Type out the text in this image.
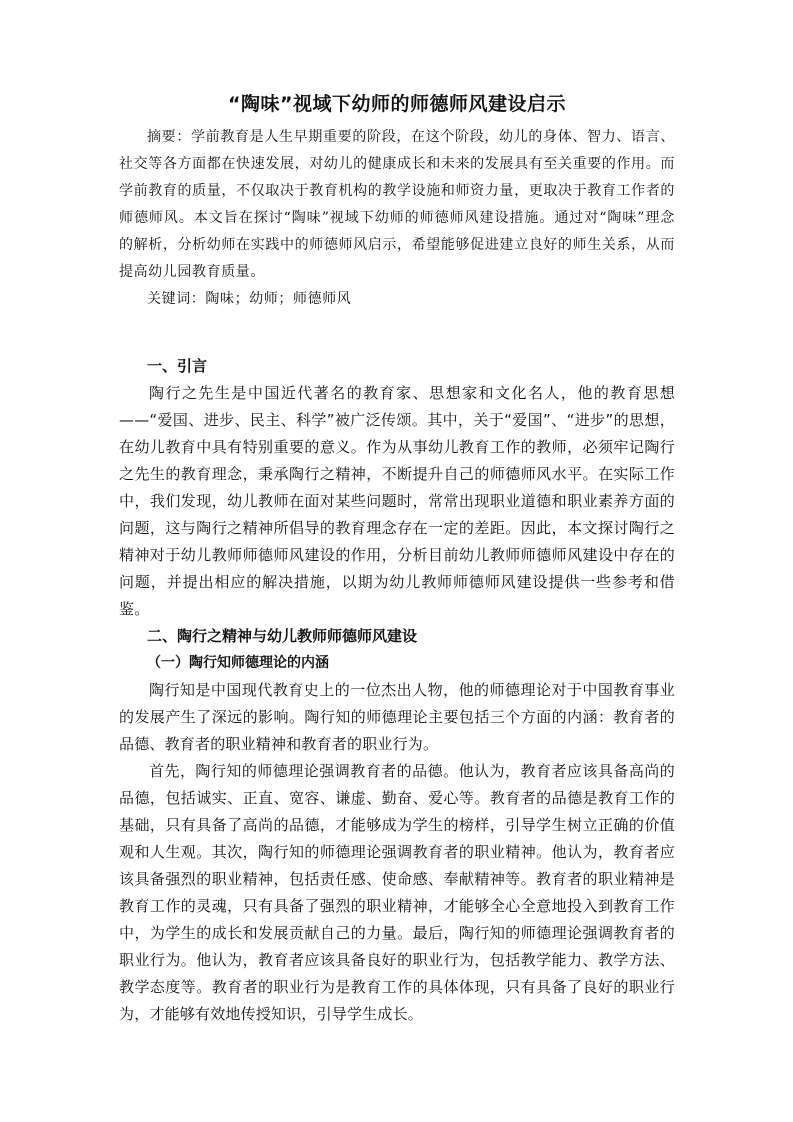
“陶味”视域下幼师的师德师风建设启示

摘要：学前教育是人生早期重要的阶段，在这个阶段，幼儿的身体、智力、语言、社交等各方面都在快速发展，对幼儿的健康成长和未来的发展具有至关重要的作用。而学前教育的质量，不仅取决于教育机构的教学设施和师资力量，更取决于教育工作者的师德师风。本文旨在探讨“陶味”视域下幼师的师德师风建设措施。通过对“陶味”理念的解析，分析幼师在实践中的师德师风启示，希望能够促进建立良好的师生关系，从而提高幼儿园教育质量。

关键词：陶味；幼师；师德师风

一、引言

陶行之先生是中国近代著名的教育家、思想家和文化名人，他的教育思想——“爱国、进步、民主、科学”被广泛传颂。其中，关于“爱国”、“进步”的思想，在幼儿教育中具有特别重要的意义。作为从事幼儿教育工作的教师，必须牢记陶行之先生的教育理念，秉承陶行之精神，不断提升自己的师德师风水平。在实际工作中，我们发现，幼儿教师在面对某些问题时，常常出现职业道德和职业素养方面的问题，这与陶行之精神所倡导的教育理念存在一定的差距。因此，本文探讨陶行之精神对于幼儿教师师德师风建设的作用，分析目前幼儿教师师德师风建设中存在的问题，并提出相应的解决措施，以期为幼儿教师师德师风建设提供一些参考和借鉴。

二、陶行之精神与幼儿教师师德师风建设

（一）陶行知师德理论的内涵

陶行知是中国现代教育史上的一位杰出人物，他的师德理论对于中国教育事业的发展产生了深远的影响。陶行知的师德理论主要包括三个方面的内涵：教育者的品德、教育者的职业精神和教育者的职业行为。

首先，陶行知的师德理论强调教育者的品德。他认为，教育者应该具备高尚的品德，包括诚实、正直、宽容、谦虚、勤奋、爱心等。教育者的品德是教育工作的基础，只有具备了高尚的品德，才能够成为学生的榜样，引导学生树立正确的价值观和人生观。其次，陶行知的师德理论强调教育者的职业精神。他认为，教育者应该具备强烈的职业精神，包括责任感、使命感、奉献精神等。教育者的职业精神是教育工作的灵魂，只有具备了强烈的职业精神，才能够全心全意地投入到教育工作中，为学生的成长和发展贡献自己的力量。最后，陶行知的师德理论强调教育者的职业行为。他认为，教育者应该具备良好的职业行为，包括教学能力、教学方法、教学态度等。教育者的职业行为是教育工作的具体体现，只有具备了良好的职业行为，才能够有效地传授知识，引导学生成长。
